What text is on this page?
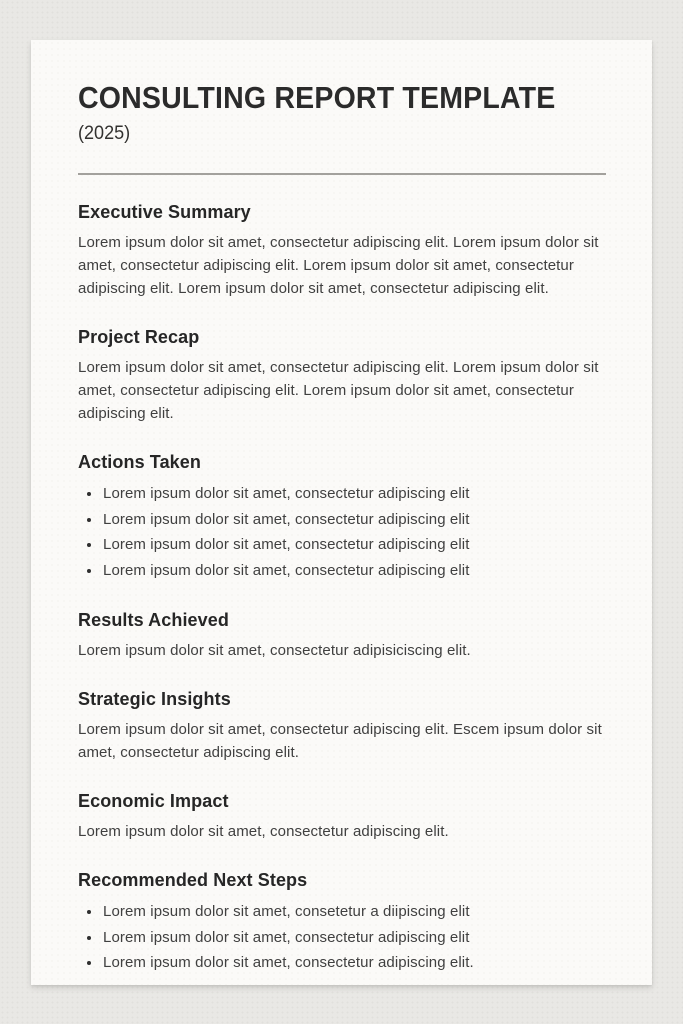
CONSULTING REPORT TEMPLATE

(2025)

Executive Summary

Lorem ipsum dolor sit amet, consectetur adipiscing elit. Lorem ipsum dolor sit amet, consectetur adipiscing elit. Lorem ipsum dolor sit amet, consectetur adipiscing elit. Lorem ipsum dolor sit amet, consectetur adipiscing elit.

Project Recap

Lorem ipsum dolor sit amet, consectetur adipiscing elit. Lorem ipsum dolor sit amet, consectetur adipiscing elit. Lorem ipsum dolor sit amet, consectetur adipiscing elit.

Actions Taken
• Lorem ipsum dolor sit amet, consectetur adipiscing elit
• Lorem ipsum dolor sit amet, consectetur adipiscing elit
• Lorem ipsum dolor sit amet, consectetur adipiscing elit
• Lorem ipsum dolor sit amet, consectetur adipiscing elit
Results Achieved

Lorem ipsum dolor sit amet, consectetur adipisiciscing elit.

Strategic Insights

Lorem ipsum dolor sit amet, consectetur adipiscing elit. Escem ipsum dolor sit amet, consectetur adipiscing elit.

Economic Impact

Lorem ipsum dolor sit amet, consectetur adipiscing elit.

Recommended Next Steps
• Lorem ipsum dolor sit amet, consetetur a diipiscing elit
• Lorem ipsum dolor sit amet, consectetur adipiscing elit
• Lorem ipsum dolor sit amet, consectetur adipiscing elit.
